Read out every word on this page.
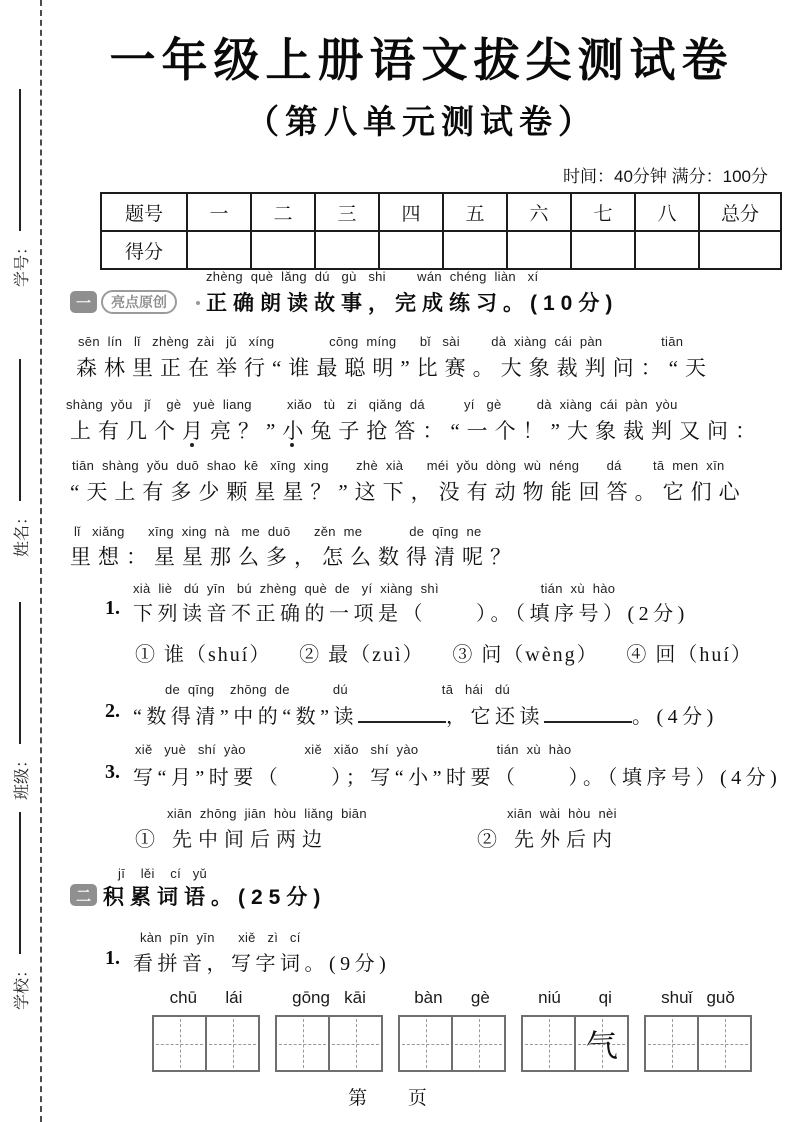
学号：
姓名：
班级：
学校：
一年级上册语文拔尖测试卷
（第八单元测试卷）
时间：40分钟 满分：100分
题号	一	二	三	四	五	六	七	八	总分
得分									
zhèng  què  lǎng  dú   gù   shi        wán  chéng  liàn   xí
一	亮点原创	正确朗读故事，完成练习。(10分)
sēn  lín   lǐ   zhèng  zài   jǔ   xíng              cōng  míng      bǐ   sài        dà  xiàng  cái  pàn               tiān
森林里正在举行“谁最聪明”比赛。大象裁判问：“天
shàng  yǒu   jǐ    gè   yuè  liang         xiǎo   tù   zi   qiǎng  dá          yí   gè         dà  xiàng  cái  pàn  yòu
上有几个月亮？”小兔子抢答：“一个！”大象裁判又问：
tiān  shàng  yǒu  duō  shao  kē   xīng  xing       zhè  xià      méi  yǒu  dòng  wù  néng       dá        tā  men  xīn
“天上有多少颗星星？”这下，没有动物能回答。它们心
lǐ   xiǎng      xīng  xing  nà   me  duō      zěn  me            de  qīng  ne
里想：星星那么多，怎么数得清呢？
xià  liè   dú  yīn   bú  zhèng  què  de   yí  xiàng  shì                          tián  xù  hào
1. 下列读音不正确的一项是（　　）。（填序号）(2分)
① 谁（shuí） ② 最（zuì） ③ 问（wèng） ④ 回（huí）
de  qīng    zhōng  de           dú                        tā   hái   dú
2. “数得清”中的“数”读	，它还读	。(4分)
xiě   yuè   shí  yào               xiě   xiǎo   shí  yào                    tián  xù  hào
3. 写“月”时要（　　）；写“小”时要（　　）。（填序号）(4分)
xiān  zhōng  jiān  hòu  liǎng  biān	xiān  wài  hòu  nèi
① 先中间后两边	② 先外后内
jī    lěi    cí   yǔ
二 积累词语。(25分)
kàn  pīn  yīn      xiě   zì   cí
1. 看拼音，写字词。(9分)
chū      lái	gōng   kāi	bàn      gè	niú        qi	shuǐ   guǒ
气
第 页
